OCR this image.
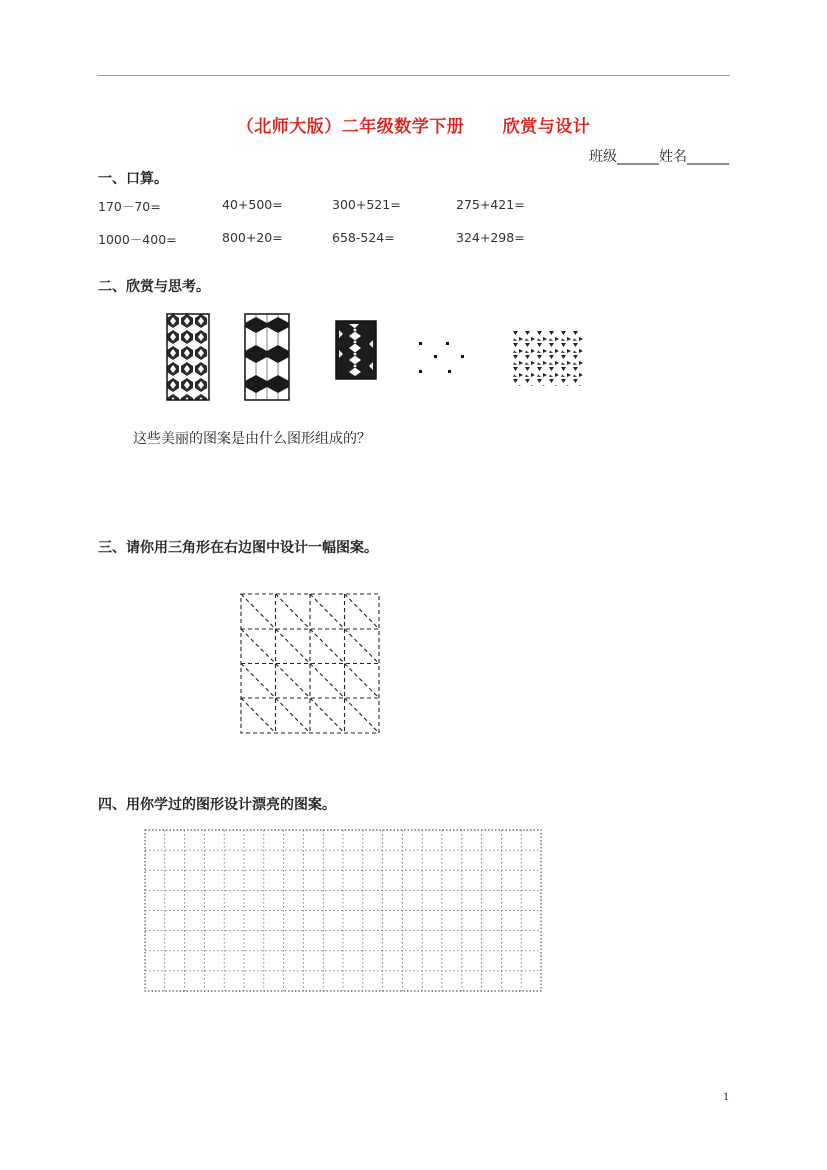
（北师大版）二年级数学下册      欣赏与设计
班级______姓名______
一、口算。
170－70=	40+500=	300+521=	275+421=
1000－400=	800+20=	658-524=	324+298=
二、欣赏与思考。
这些美丽的图案是由什么图形组成的？
三、请你用三角形在右边图中设计一幅图案。
四、用你学过的图形设计漂亮的图案。
1
